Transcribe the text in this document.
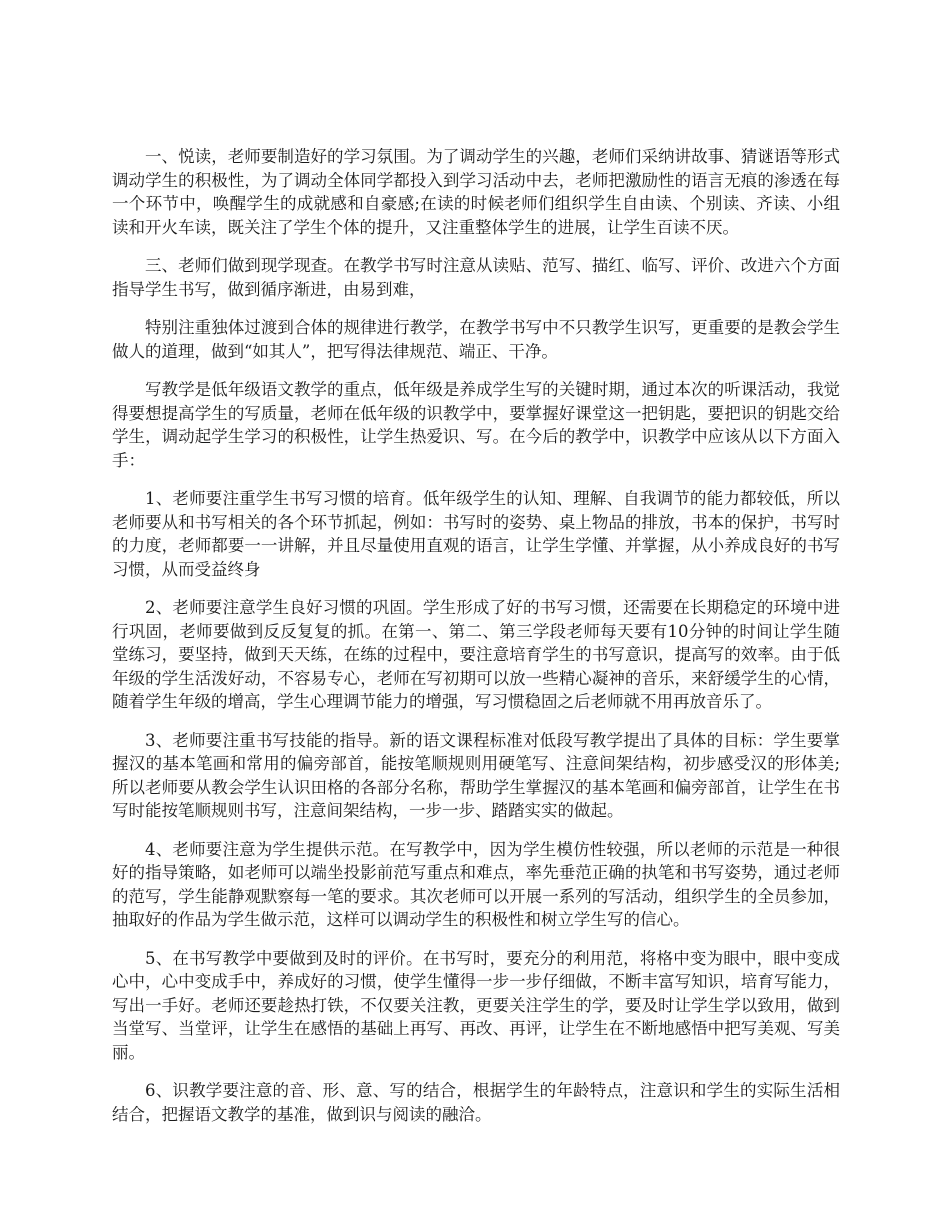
一、悦读，老师要制造好的学习氛围。为了调动学生的兴趣，老师们采纳讲故事、猜谜语等形式调动学生的积极性，为了调动全体同学都投入到学习活动中去，老师把激励性的语言无痕的渗透在每一个环节中，唤醒学生的成就感和自豪感;在读的时候老师们组织学生自由读、个别读、齐读、小组读和开火车读，既关注了学生个体的提升，又注重整体学生的进展，让学生百读不厌。

三、老师们做到现学现查。在教学书写时注意从读贴、范写、描红、临写、评价、改进六个方面指导学生书写，做到循序渐进，由易到难，

特别注重独体过渡到合体的规律进行教学，在教学书写中不只教学生识写，更重要的是教会学生做人的道理，做到“如其人”，把写得法律规范、端正、干净。

写教学是低年级语文教学的重点，低年级是养成学生写的关键时期，通过本次的听课活动，我觉得要想提高学生的写质量，老师在低年级的识教学中，要掌握好课堂这一把钥匙，要把识的钥匙交给学生，调动起学生学习的积极性，让学生热爱识、写。在今后的教学中，识教学中应该从以下方面入手：

1、老师要注重学生书写习惯的培育。低年级学生的认知、理解、自我调节的能力都较低，所以老师要从和书写相关的各个环节抓起，例如：书写时的姿势、桌上物品的排放，书本的保护，书写时的力度，老师都要一一讲解，并且尽量使用直观的语言，让学生学懂、并掌握，从小养成良好的书写习惯，从而受益终身

2、老师要注意学生良好习惯的巩固。学生形成了好的书写习惯，还需要在长期稳定的环境中进行巩固，老师要做到反反复复的抓。在第一、第二、第三学段老师每天要有10分钟的时间让学生随堂练习，要坚持，做到天天练，在练的过程中，要注意培育学生的书写意识，提高写的效率。由于低年级的学生活泼好动，不容易专心，老师在写初期可以放一些精心凝神的音乐，来舒缓学生的心情，随着学生年级的增高，学生心理调节能力的增强，写习惯稳固之后老师就不用再放音乐了。

3、老师要注重书写技能的指导。新的语文课程标准对低段写教学提出了具体的目标：学生要掌握汉的基本笔画和常用的偏旁部首，能按笔顺规则用硬笔写、注意间架结构，初步感受汉的形体美;所以老师要从教会学生认识田格的各部分名称，帮助学生掌握汉的基本笔画和偏旁部首，让学生在书写时能按笔顺规则书写，注意间架结构，一步一步、踏踏实实的做起。

4、老师要注意为学生提供示范。在写教学中，因为学生模仿性较强，所以老师的示范是一种很好的指导策略，如老师可以端坐投影前范写重点和难点，率先垂范正确的执笔和书写姿势，通过老师的范写，学生能静观默察每一笔的要求。其次老师可以开展一系列的写活动，组织学生的全员参加，抽取好的作品为学生做示范，这样可以调动学生的积极性和树立学生写的信心。

5、在书写教学中要做到及时的评价。在书写时，要充分的利用范，将格中变为眼中，眼中变成心中，心中变成手中，养成好的习惯，使学生懂得一步一步仔细做，不断丰富写知识，培育写能力，写出一手好。老师还要趁热打铁，不仅要关注教，更要关注学生的学，要及时让学生学以致用，做到当堂写、当堂评，让学生在感悟的基础上再写、再改、再评，让学生在不断地感悟中把写美观、写美丽。

6、识教学要注意的音、形、意、写的结合，根据学生的年龄特点，注意识和学生的实际生活相结合，把握语文教学的基准，做到识与阅读的融洽。
